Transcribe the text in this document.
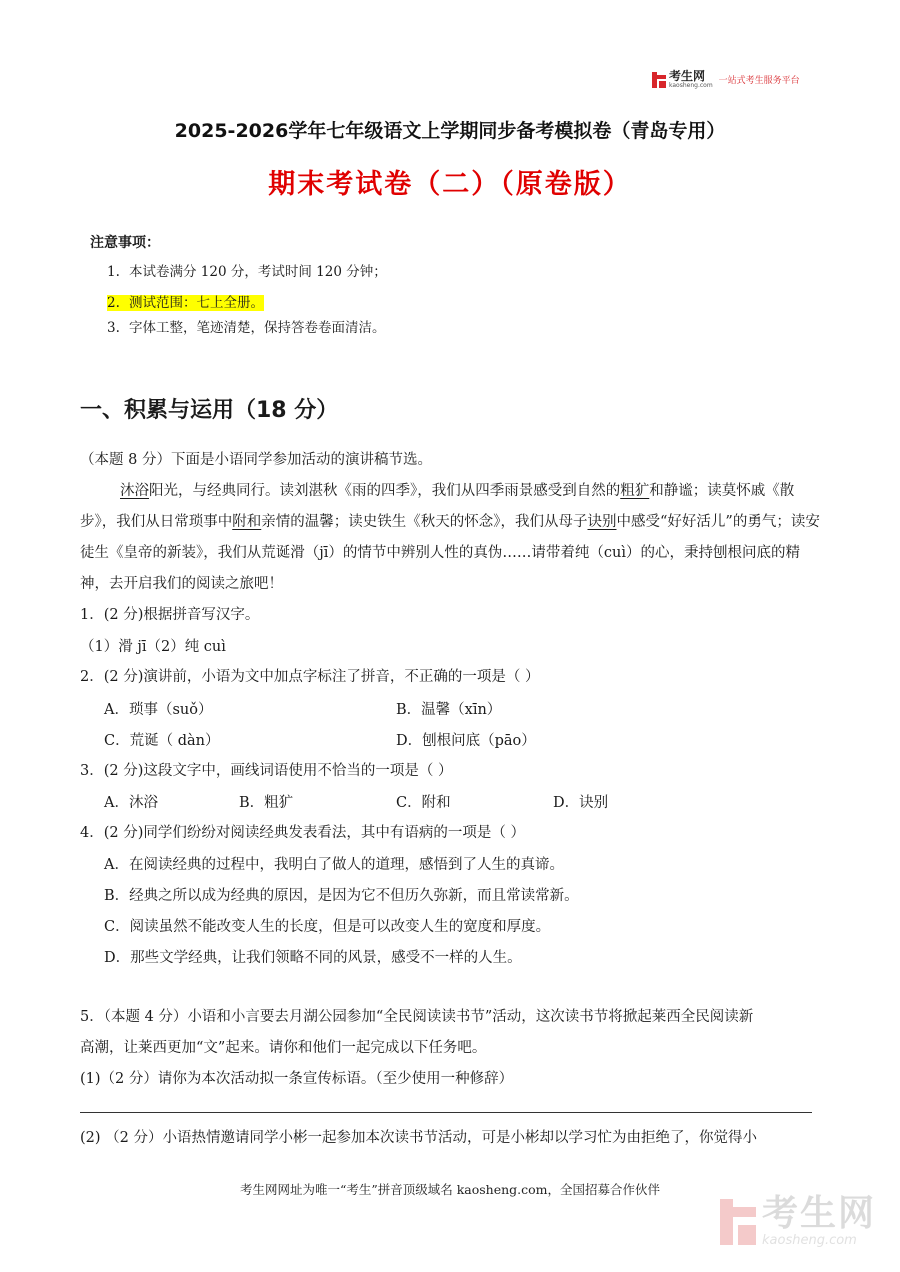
考生网
kaosheng.com 一站式考生服务平台
2025-2026学年七年级语文上学期同步备考模拟卷（青岛专用）
期末考试卷（二）（原卷版）
注意事项：
1. 本试卷满分 120 分，考试时间 120 分钟；
2. 测试范围：七上全册。
3. 字体工整，笔迹清楚，保持答卷卷面清洁。
一、积累与运用（18 分）
（本题 8 分）下面是小语同学参加活动的演讲稿节选。
沐浴阳光，与经典同行。读刘湛秋《雨的四季》，我们从四季雨景感受到自然的粗犷和静谧；读莫怀戚《散步》，我们从日常琐事中附和亲情的温馨；读史铁生《秋天的怀念》，我们从母子诀别中感受“好好活儿”的勇气；读安徒生《皇帝的新装》，我们从荒诞滑（jī）的情节中辨别人性的真伪……请带着纯（cuì）的心，秉持刨根问底的精神，去开启我们的阅读之旅吧！
1．(2 分)根据拼音写汉字。
（1）滑 jī（2）纯 cuì
2．(2 分)演讲前，小语为文中加点字标注了拼音，不正确的一项是（ ）
A．琐事（suǒ）	B．温馨（xīn）
C．荒诞（ dàn）	D．刨根问底（pāo）
3．(2 分)这段文字中，画线词语使用不恰当的一项是（ ）
A．沐浴	B．粗犷	C．附和	D．诀别
4．(2 分)同学们纷纷对阅读经典发表看法，其中有语病的一项是（ ）
A．在阅读经典的过程中，我明白了做人的道理，感悟到了人生的真谛。
B．经典之所以成为经典的原因，是因为它不但历久弥新，而且常读常新。
C．阅读虽然不能改变人生的长度，但是可以改变人生的宽度和厚度。
D．那些文学经典，让我们领略不同的风景，感受不一样的人生。
5．（本题 4 分）小语和小言要去月湖公园参加“全民阅读读书节”活动，这次读书节将掀起莱西全民阅读新
高潮，让莱西更加“文”起来。请你和他们一起完成以下任务吧。
(1)（2 分）请你为本次活动拟一条宣传标语。（至少使用一种修辞）
(2) （2 分）小语热情邀请同学小彬一起参加本次读书节活动，可是小彬却以学习忙为由拒绝了，你觉得小
考生网网址为唯一“考生”拼音顶级域名 kaosheng.com，全国招募合作伙伴
考生网
kaosheng.com
